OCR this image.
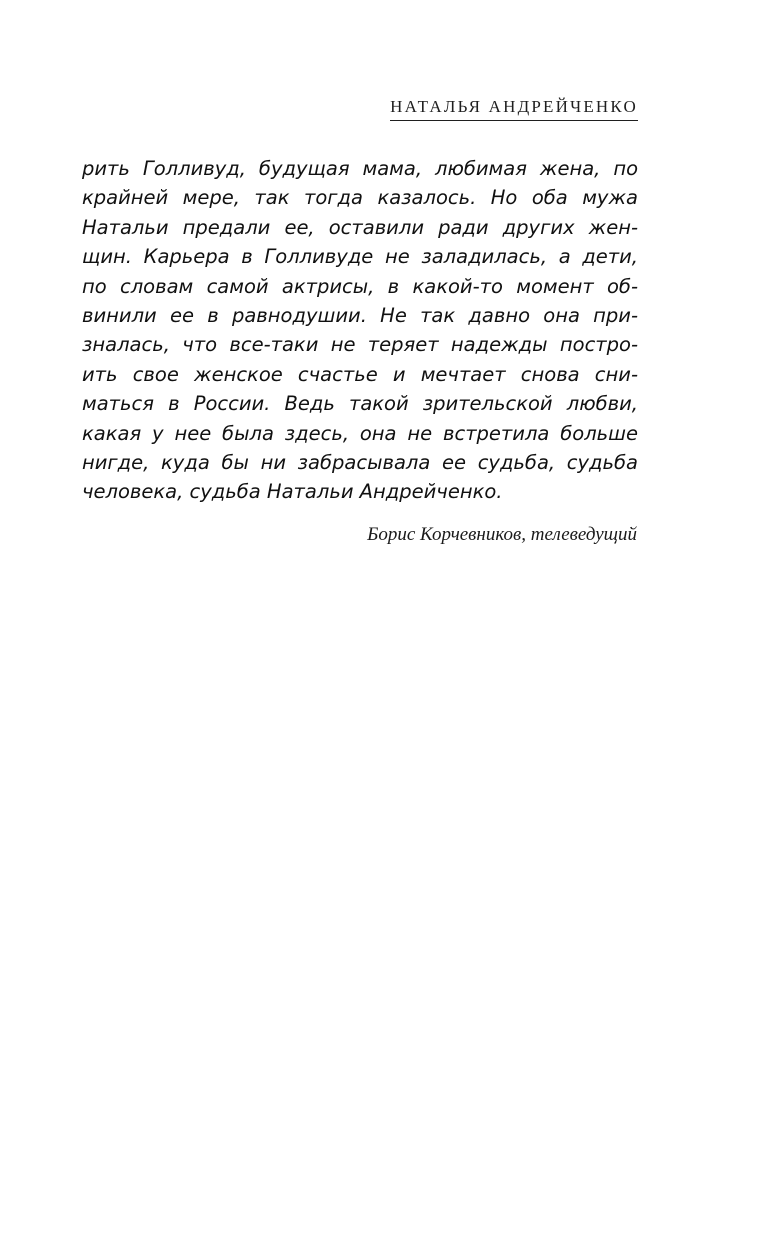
НАТАЛЬЯ АНДРЕЙЧЕНКО
рить Голливуд, будущая мама, любимая жена, по
крайней мере, так тогда казалось. Но оба мужа
Натальи предали ее, оставили ради других жен-
щин. Карьера в Голливуде не заладилась, а дети,
по словам самой актрисы, в какой-то момент об-
винили ее в равнодушии. Не так давно она при-
зналась, что все-таки не теряет надежды постро-
ить свое женское счастье и мечтает снова сни-
маться в России. Ведь такой зрительской любви,
какая у нее была здесь, она не встретила больше
нигде, куда бы ни забрасывала ее судьба, судьба
человека, судьба Натальи Андрейченко.
Борис Корчевников, телеведущий
